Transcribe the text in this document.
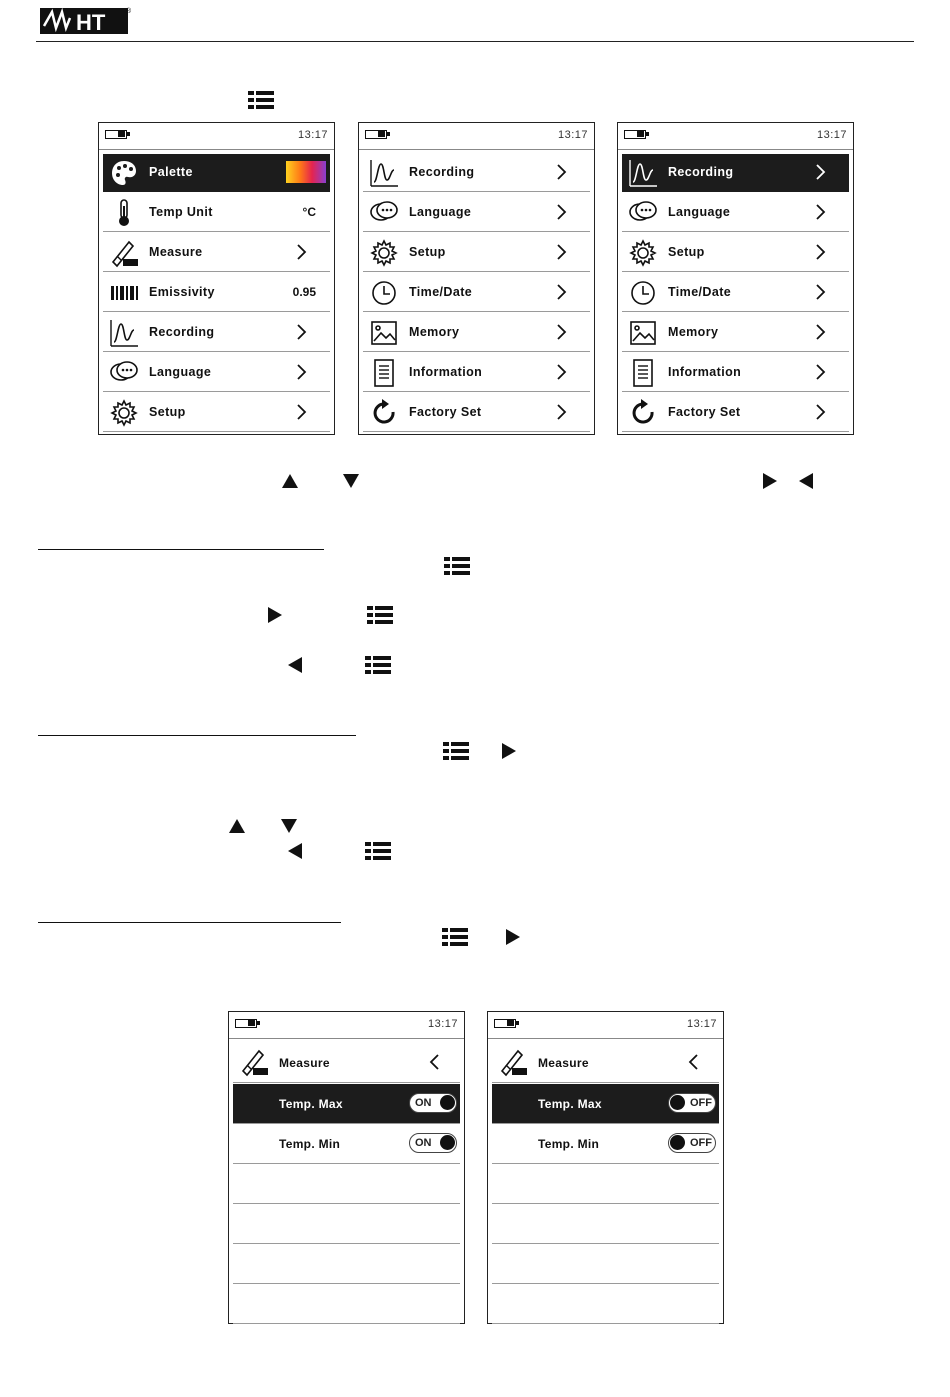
HT	®
13:17
Palette
Temp Unit	°C
Measure
Emissivity	0.95
Recording
Language
Setup
13:17
Recording
Language
Setup
Time/Date
Memory
Information
Factory Set
13:17
Recording
Language
Setup
Time/Date
Memory
Information
Factory Set
13:17
Measure
Temp. Max	ON
Temp. Min	ON
13:17
Measure
Temp. Max	OFF
Temp. Min	OFF
